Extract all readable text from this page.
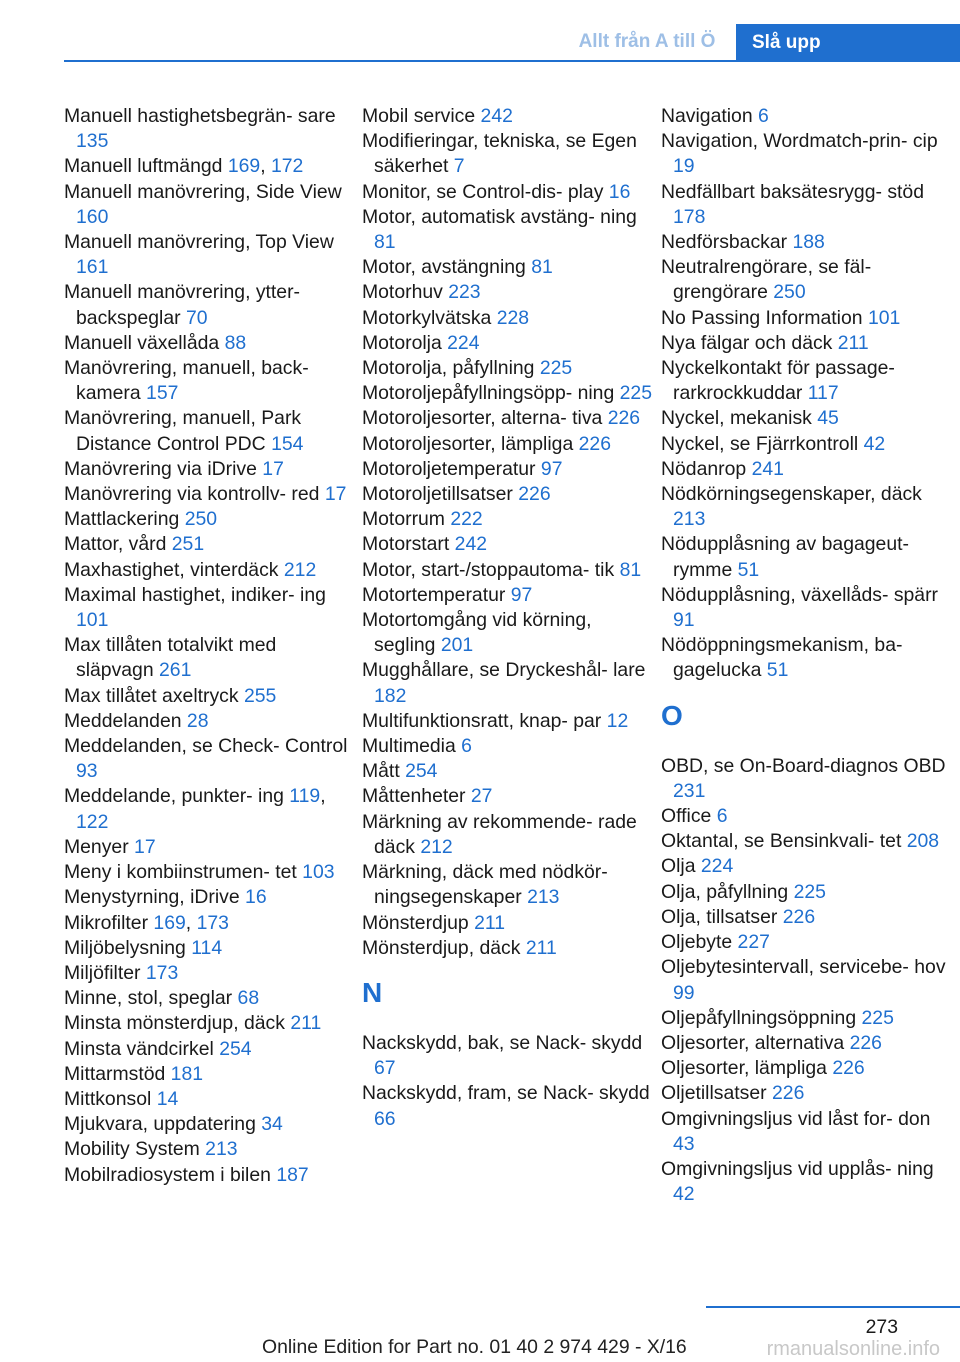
Allt från A till Ö	Slå upp

Manuell hastighetsbegrän‐ sare 135

Manuell luftmängd 169, 172

Manuell manövrering, Side View 160

Manuell manövrering, Top View 161

Manuell manövrering, ytter‐ backspeglar 70

Manuell växellåda 88

Manövrering, manuell, back‐ kamera 157

Manövrering, manuell, Park Distance Control PDC 154

Manövrering via iDrive 17

Manövrering via kontrollv‐ red 17

Mattlackering 250

Mattor, vård 251

Maxhastighet, vinterdäck 212

Maximal hastighet, indiker‐ ing 101

Max tillåten totalvikt med släpvagn 261

Max tillåtet axeltryck 255

Meddelanden 28

Meddelanden, se Check- Control 93

Meddelande, punkter‐ ing 119, 122

Menyer 17

Meny i kombiinstrumen‐ tet 103

Menystyrning, iDrive 16

Mikrofilter 169, 173

Miljöbelysning 114

Miljöfilter 173

Minne, stol, speglar 68

Minsta mönsterdjup, däck 211

Minsta vändcirkel 254

Mittarmstöd 181

Mittkonsol 14

Mjukvara, uppdatering 34

Mobility System 213

Mobilradiosystem i bilen 187

Mobil service 242

Modifieringar, tekniska, se Egen säkerhet 7

Monitor, se Control-dis‐ play 16

Motor, automatisk avstäng‐ ning 81

Motor, avstängning 81

Motorhuv 223

Motorkylvätska 228

Motorolja 224

Motorolja, påfyllning 225

Motoroljepåfyllningsöpp‐ ning 225

Motoroljesorter, alterna‐ tiva 226

Motoroljesorter, lämpliga 226

Motoroljetemperatur 97

Motoroljetillsatser 226

Motorrum 222

Motorstart 242

Motor, start-/stoppautoma‐ tik 81

Motortemperatur 97

Motortomgång vid körning, segling 201

Mugghållare, se Dryckeshål‐ lare 182

Multifunktionsratt, knap‐ par 12

Multimedia 6

Mått 254

Måttenheter 27

Märkning av rekommende‐ rade däck 212

Märkning, däck med nödkör‐ ningsegenskaper 213

Mönsterdjup 211

Mönsterdjup, däck 211

N

Nackskydd, bak, se Nack‐ skydd 67

Nackskydd, fram, se Nack‐ skydd 66

Navigation 6

Navigation, Wordmatch-prin‐ cip 19

Nedfällbart baksätesrygg‐ stöd 178

Nedförsbackar 188

Neutralrengörare, se fäl‐ grengörare 250

No Passing Information 101

Nya fälgar och däck 211

Nyckelkontakt för passage‐ rarkrockkuddar 117

Nyckel, mekanisk 45

Nyckel, se Fjärrkontroll 42

Nödanrop 241

Nödkörningsegenskaper, däck 213

Nödupplåsning av bagageut‐ rymme 51

Nödupplåsning, växellåds‐ spärr 91

Nödöppningsmekanism, ba‐ gagelucka 51

O

OBD, se On-Board-diagnos OBD 231

Office 6

Oktantal, se Bensinkvali‐ tet 208

Olja 224

Olja, påfyllning 225

Olja, tillsatser 226

Oljebyte 227

Oljebytesintervall, servicebe‐ hov 99

Oljepåfyllningsöppning 225

Oljesorter, alternativa 226

Oljesorter, lämpliga 226

Oljetillsatser 226

Omgivningsljus vid låst for‐ don 43

Omgivningsljus vid upplås‐ ning 42

273
Online Edition for Part no. 01 40 2 974 429 - X/16	rmanualsonline.info
